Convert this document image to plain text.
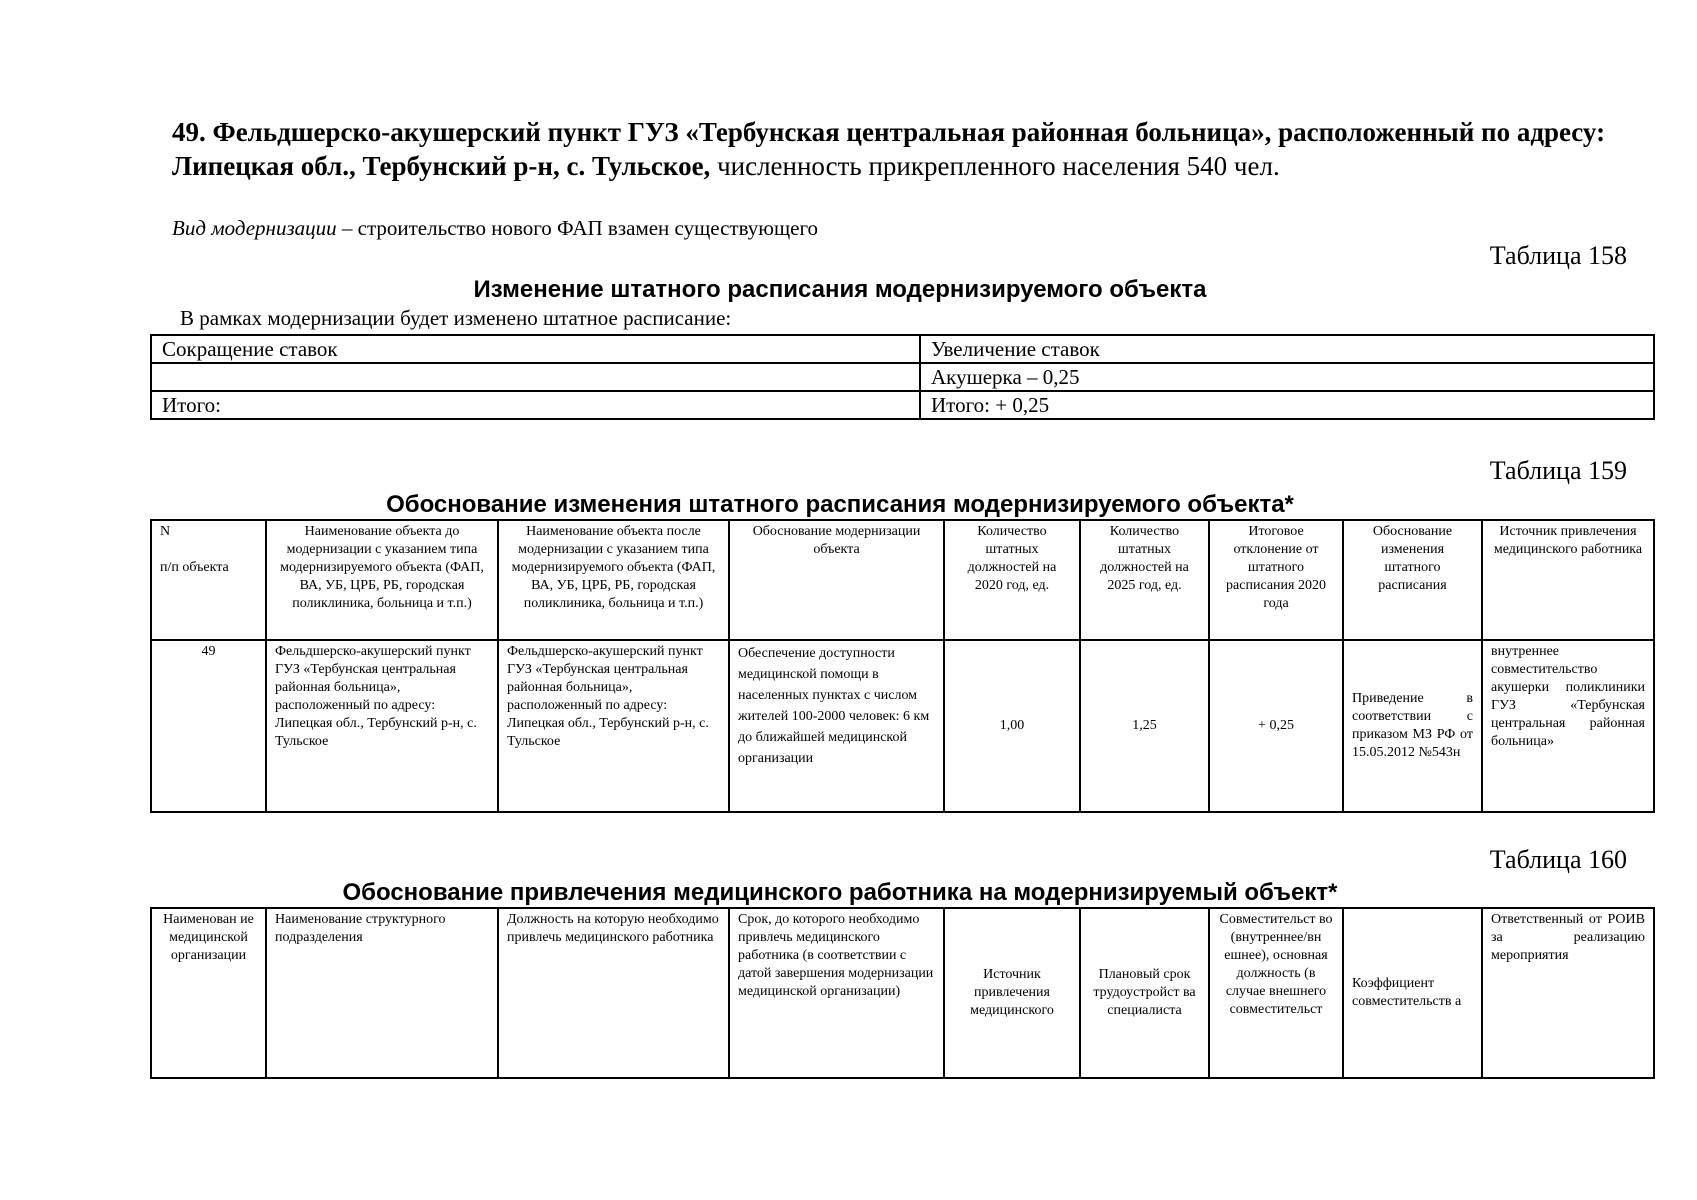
49. Фельдшерско-акушерский пункт ГУЗ «Тербунская центральная районная больница», расположенный по адресу: Липецкая обл., Тербунский р-н, с. Тульское, численность прикрепленного населения 540 чел.
Вид модернизации – строительство нового ФАП взамен существующего
Таблица 158
Изменение штатного расписания модернизируемого объекта
В рамках модернизации будет изменено штатное расписание:
Сокращение ставок	Увеличение ставок
	Акушерка – 0,25
Итого:	Итого: + 0,25
Таблица 159
Обоснование изменения штатного расписания модернизируемого объекта*
N

п/п объекта	Наименование объекта до модернизации с указанием типа модернизируемого объекта (ФАП, ВА, УБ, ЦРБ, РБ, городская поликлиника, больница и т.п.)	Наименование объекта после модернизации с указанием типа модернизируемого объекта (ФАП, ВА, УБ, ЦРБ, РБ, городская поликлиника, больница и т.п.)	Обоснование модернизации объекта	Количество штатных должностей на 2020 год, ед.	Количество штатных должностей на 2025 год, ед.	Итоговое отклонение от штатного расписания 2020 года	Обоснование изменения штатного расписания	Источник привлечения медицинского работника
49	Фельдшерско-акушерский пункт ГУЗ «Тербунская центральная районная больница», расположенный по адресу: Липецкая обл., Тербунский р-н, с. Тульское	Фельдшерско-акушерский пункт ГУЗ «Тербунская центральная районная больница», расположенный по адресу: Липецкая обл., Тербунский р-н, с. Тульское	Обеспечение доступности медицинской помощи в населенных пунктах с числом жителей 100-2000 человек: 6 км до ближайшей медицинской организации	1,00	1,25	+ 0,25	Приведение в соответствии с приказом МЗ РФ от 15.05.2012 №543н	внутреннее совместительство акушерки поликлиники ГУЗ «Тербунская центральная районная больница»
Таблица 160
Обоснование привлечения медицинского работника на модернизируемый объект*
Наименован ие медицинской организации	Наименование структурного подразделения	Должность на которую необходимо привлечь медицинского работника	Срок, до которого необходимо привлечь медицинского работника (в соответствии с датой завершения модернизации медицинской организации)	Источник привлечения медицинского	Плановый срок трудоустройст ва специалиста	Совместительст во (внутреннее/вн ешнее), основная должность (в случае внешнего совместительст	Коэффициент совместительств а	Ответственный от РОИВ за реализацию мероприятия
